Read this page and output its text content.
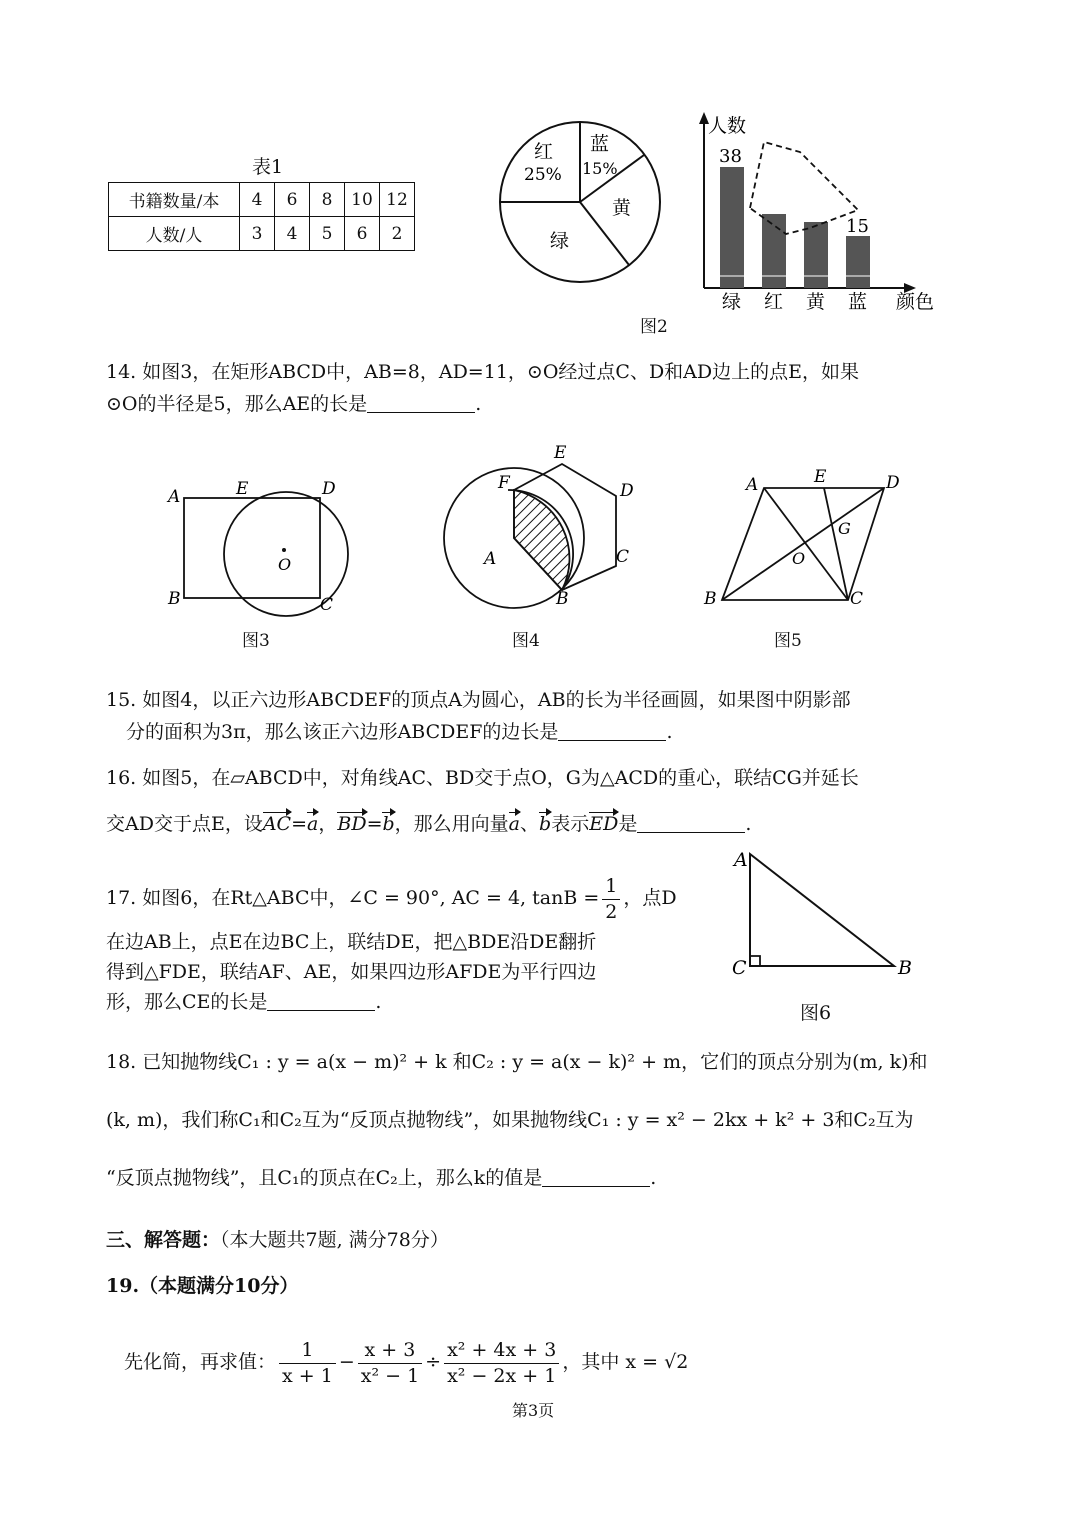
表1
书籍数量/本	4	6	8	10	12
人数/人	3	4	5	6	2
红
25%
蓝
15%
黄
绿
人数
颜色
38
15
绿 红 黄 蓝
图2
14. 如图3，在矩形ABCD中，AB=8，AD=11，⊙O经过点C、D和AD边上的点E，如果
⊙O的半径是5，那么AE的长是	.
A
B	C
D
E
O
图3
A
B
C
D
E
F
图4
A
B	C
D
E
G
O
图5
15. 如图4，以正六边形ABCDEF的顶点A为圆心，AB的长为半径画圆，如果图中阴影部
分的面积为3π，那么该正六边形ABCDEF的边长是	.
16. 如图5，在▱ABCD中，对角线AC、BD交于点O，G为△ACD的重心，联结CG并延长
交AD交于点E，设AC=a，BD=b，那么用向量a、b表示ED是	.
17. 如图6，在Rt△ABC中，∠C = 90°, AC = 4, $\tan B = \frac{1}{2}$ ，点D
在边AB上，点E在边BC上，联结DE，把△BDE沿DE翻折
得到△FDE，联结AF、AE，如果四边形AFDE为平行四边
形，那么CE的长是	.
A
B
C
图6
18. 已知抛物线C₁ : y = a(x − m)² + k 和C₂ : y = a(x − k)² + m，它们的顶点分别为(m, k)和
(k, m)，我们称C₁和C₂互为“反顶点抛物线”，如果抛物线C₁ : y = x² − 2kx + k² + 3和C₂互为
“反顶点抛物线”，且C₁的顶点在C₂上，那么k的值是	.
三、解答题：（本大题共7题, 满分78分）
19.（本题满分10分）
先化简，再求值： $\frac{1}{x + 1} - \frac{x + 3}{\text{x² − 1}} \div \frac{\text{x² + 4x + 3}}{\text{x² − 2x + 1}}$ ，其中 x = √2
第3页
